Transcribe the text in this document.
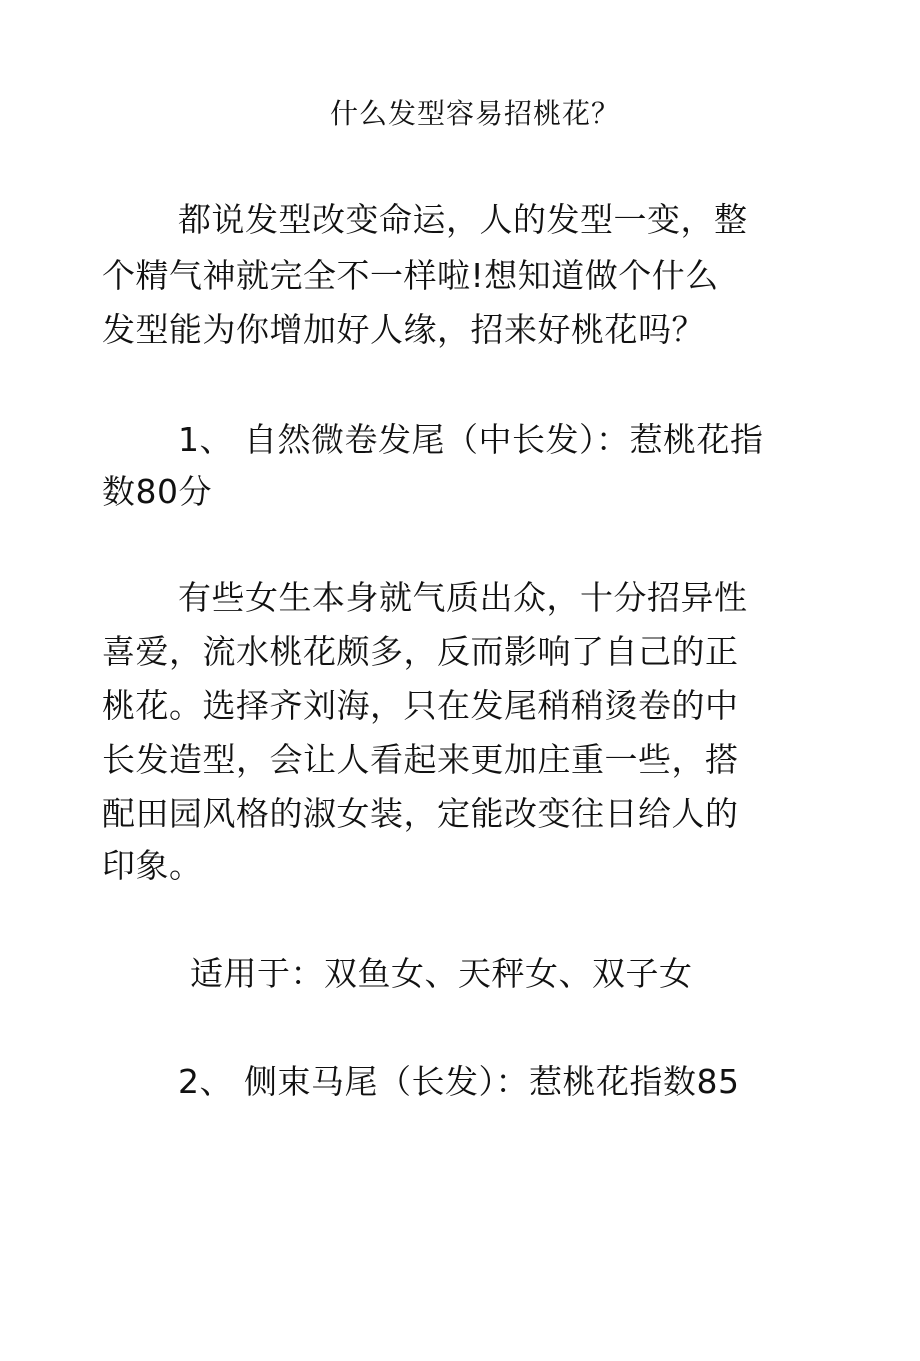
什么发型容易招桃花？
都说发型改变命运，人的发型一变，整
个精气神就完全不一样啦!想知道做个什么
发型能为你增加好人缘，招来好桃花吗？
1、 自然微卷发尾（中长发）：惹桃花指
数80分
有些女生本身就气质出众，十分招异性
喜爱，流水桃花颇多，反而影响了自己的正
桃花。选择齐刘海，只在发尾稍稍烫卷的中
长发造型，会让人看起来更加庄重一些，搭
配田园风格的淑女装，定能改变往日给人的
印象。
适用于：双鱼女、天秤女、双子女
2、 侧束马尾（长发）：惹桃花指数85
